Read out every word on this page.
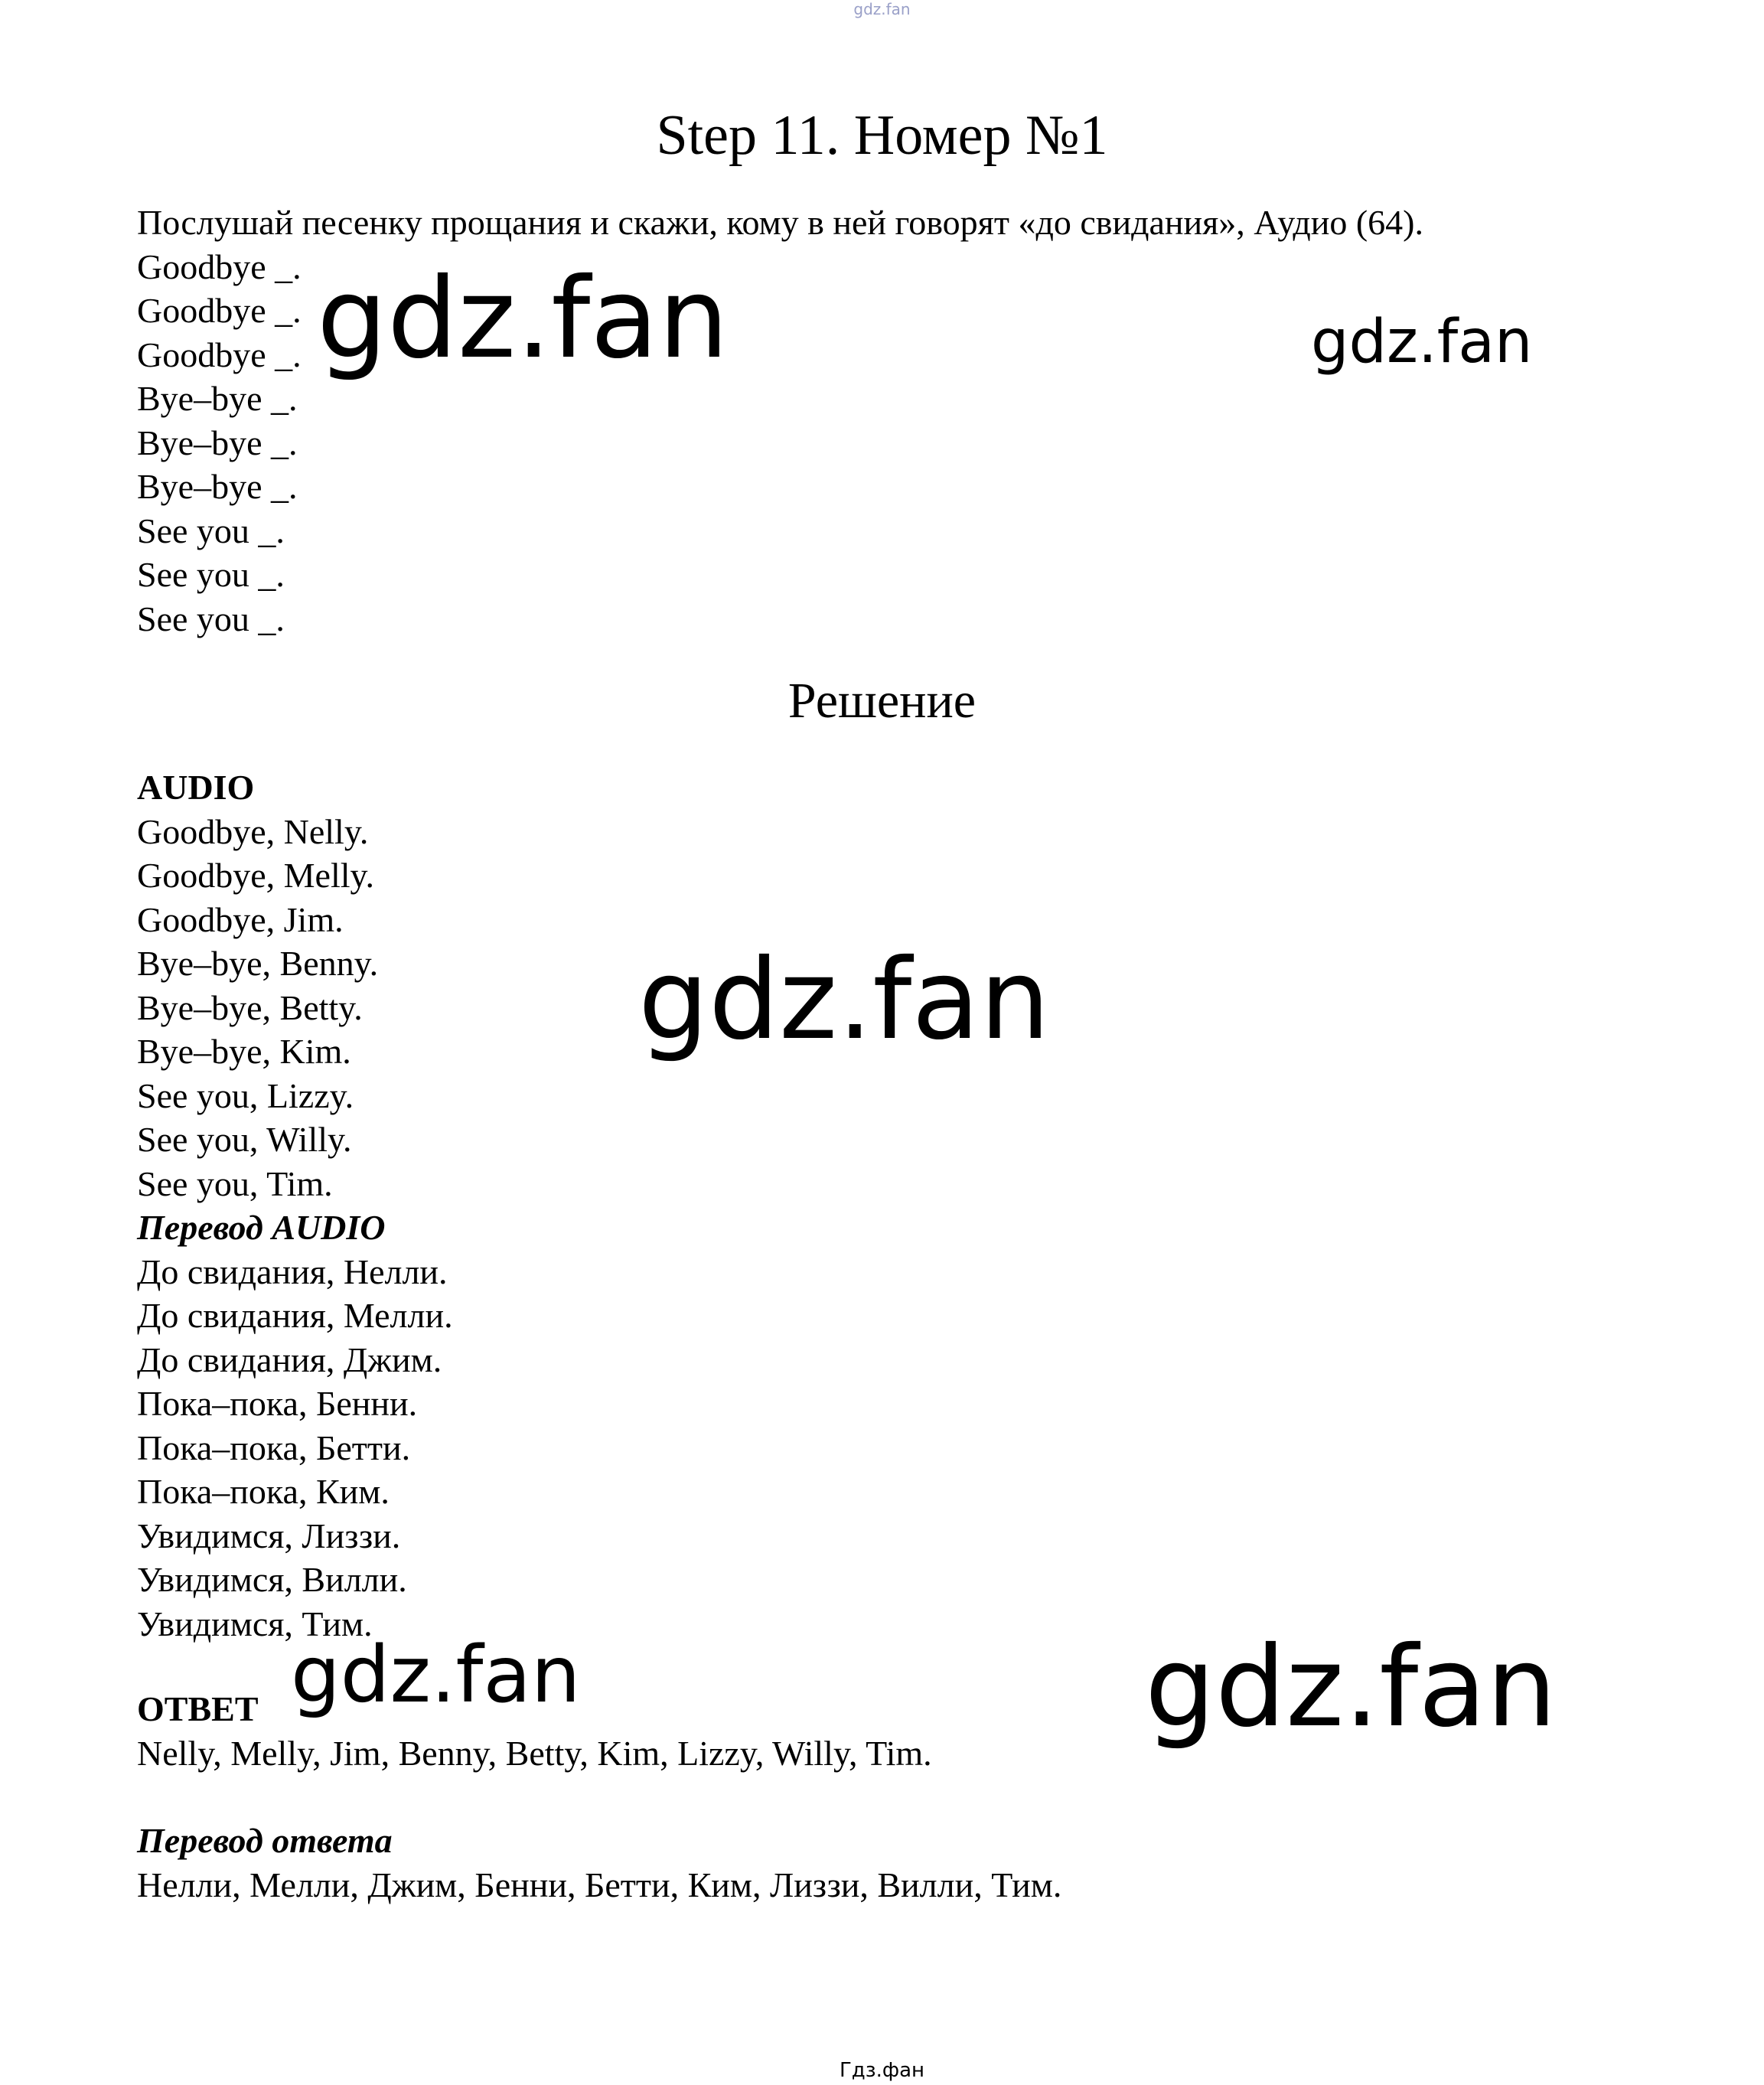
gdz.fan
Step 11. Номер №1
Послушай песенку прощания и скажи, кому в ней говорят «до свидания», Аудио (64).
Goodbye _.
Goodbye _.
Goodbye _.
Bye–bye _.
Bye–bye _.
Bye–bye _.
See you _.
See you _.
See you _.
Решение
AUDIO
Goodbye, Nelly.
Goodbye, Melly.
Goodbye, Jim.
Bye–bye, Benny.
Bye–bye, Betty.
Bye–bye, Kim.
See you, Lizzy.
See you, Willy.
See you, Tim.
Перевод AUDIO
До свидания, Нелли.
До свидания, Мелли.
До свидания, Джим.
Пока–пока, Бенни.
Пока–пока, Бетти.
Пока–пока, Ким.
Увидимся, Лиззи.
Увидимся, Вилли.
Увидимся, Тим.
ОТВЕТ
Nelly, Melly, Jim, Benny, Betty, Kim, Lizzy, Willy, Tim.
Перевод ответа
Нелли, Мелли, Джим, Бенни, Бетти, Ким, Лиззи, Вилли, Тим.
gdz.fan	gdz.fan
gdz.fan
gdz.fan	gdz.fan
Гдз.фан
